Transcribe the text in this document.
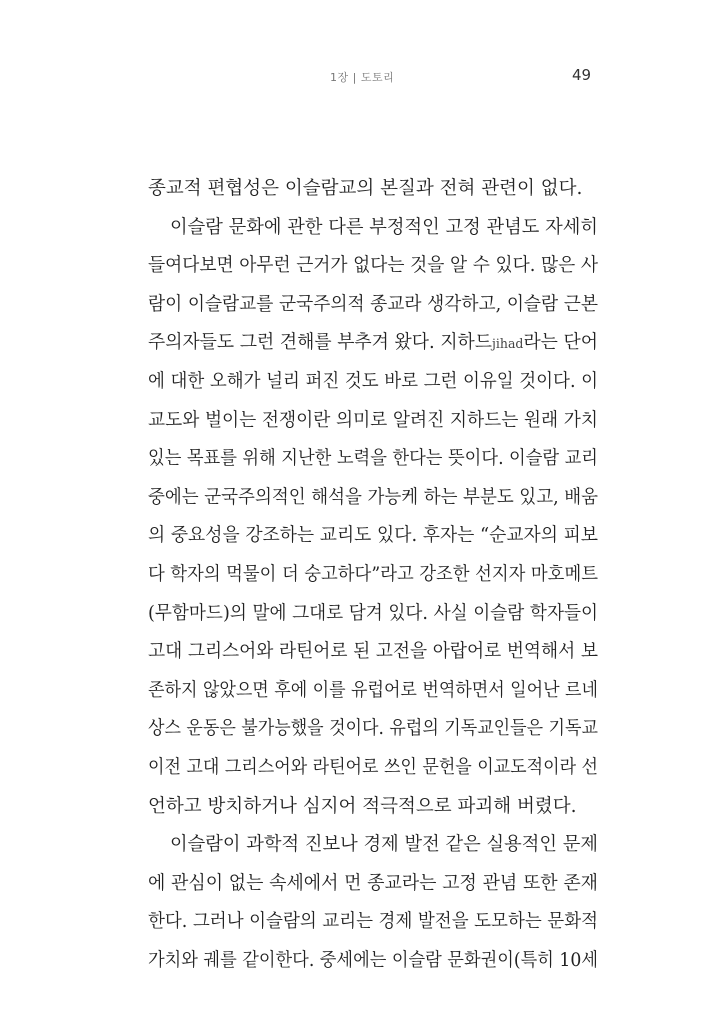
1장 | 도토리	49
종교적 편협성은 이슬람교의 본질과 전혀 관련이 없다.
이슬람 문화에 관한 다른 부정적인 고정 관념도 자세히
들여다보면 아무런 근거가 없다는 것을 알 수 있다. 많은 사
람이 이슬람교를 군국주의적 종교라 생각하고, 이슬람 근본
주의자들도 그런 견해를 부추겨 왔다. 지하드jihad라는 단어
에 대한 오해가 널리 퍼진 것도 바로 그런 이유일 것이다. 이
교도와 벌이는 전쟁이란 의미로 알려진 지하드는 원래 가치
있는 목표를 위해 지난한 노력을 한다는 뜻이다. 이슬람 교리
중에는 군국주의적인 해석을 가능케 하는 부분도 있고, 배움
의 중요성을 강조하는 교리도 있다. 후자는 “순교자의 피보
다 학자의 먹물이 더 숭고하다”라고 강조한 선지자 마호메트
(무함마드)의 말에 그대로 담겨 있다. 사실 이슬람 학자들이
고대 그리스어와 라틴어로 된 고전을 아랍어로 번역해서 보
존하지 않았으면 후에 이를 유럽어로 번역하면서 일어난 르네
상스 운동은 불가능했을 것이다. 유럽의 기독교인들은 기독교
이전 고대 그리스어와 라틴어로 쓰인 문헌을 이교도적이라 선
언하고 방치하거나 심지어 적극적으로 파괴해 버렸다.
이슬람이 과학적 진보나 경제 발전 같은 실용적인 문제
에 관심이 없는 속세에서 먼 종교라는 고정 관념 또한 존재
한다. 그러나 이슬람의 교리는 경제 발전을 도모하는 문화적
가치와 궤를 같이한다. 중세에는 이슬람 문화권이(특히 10세
